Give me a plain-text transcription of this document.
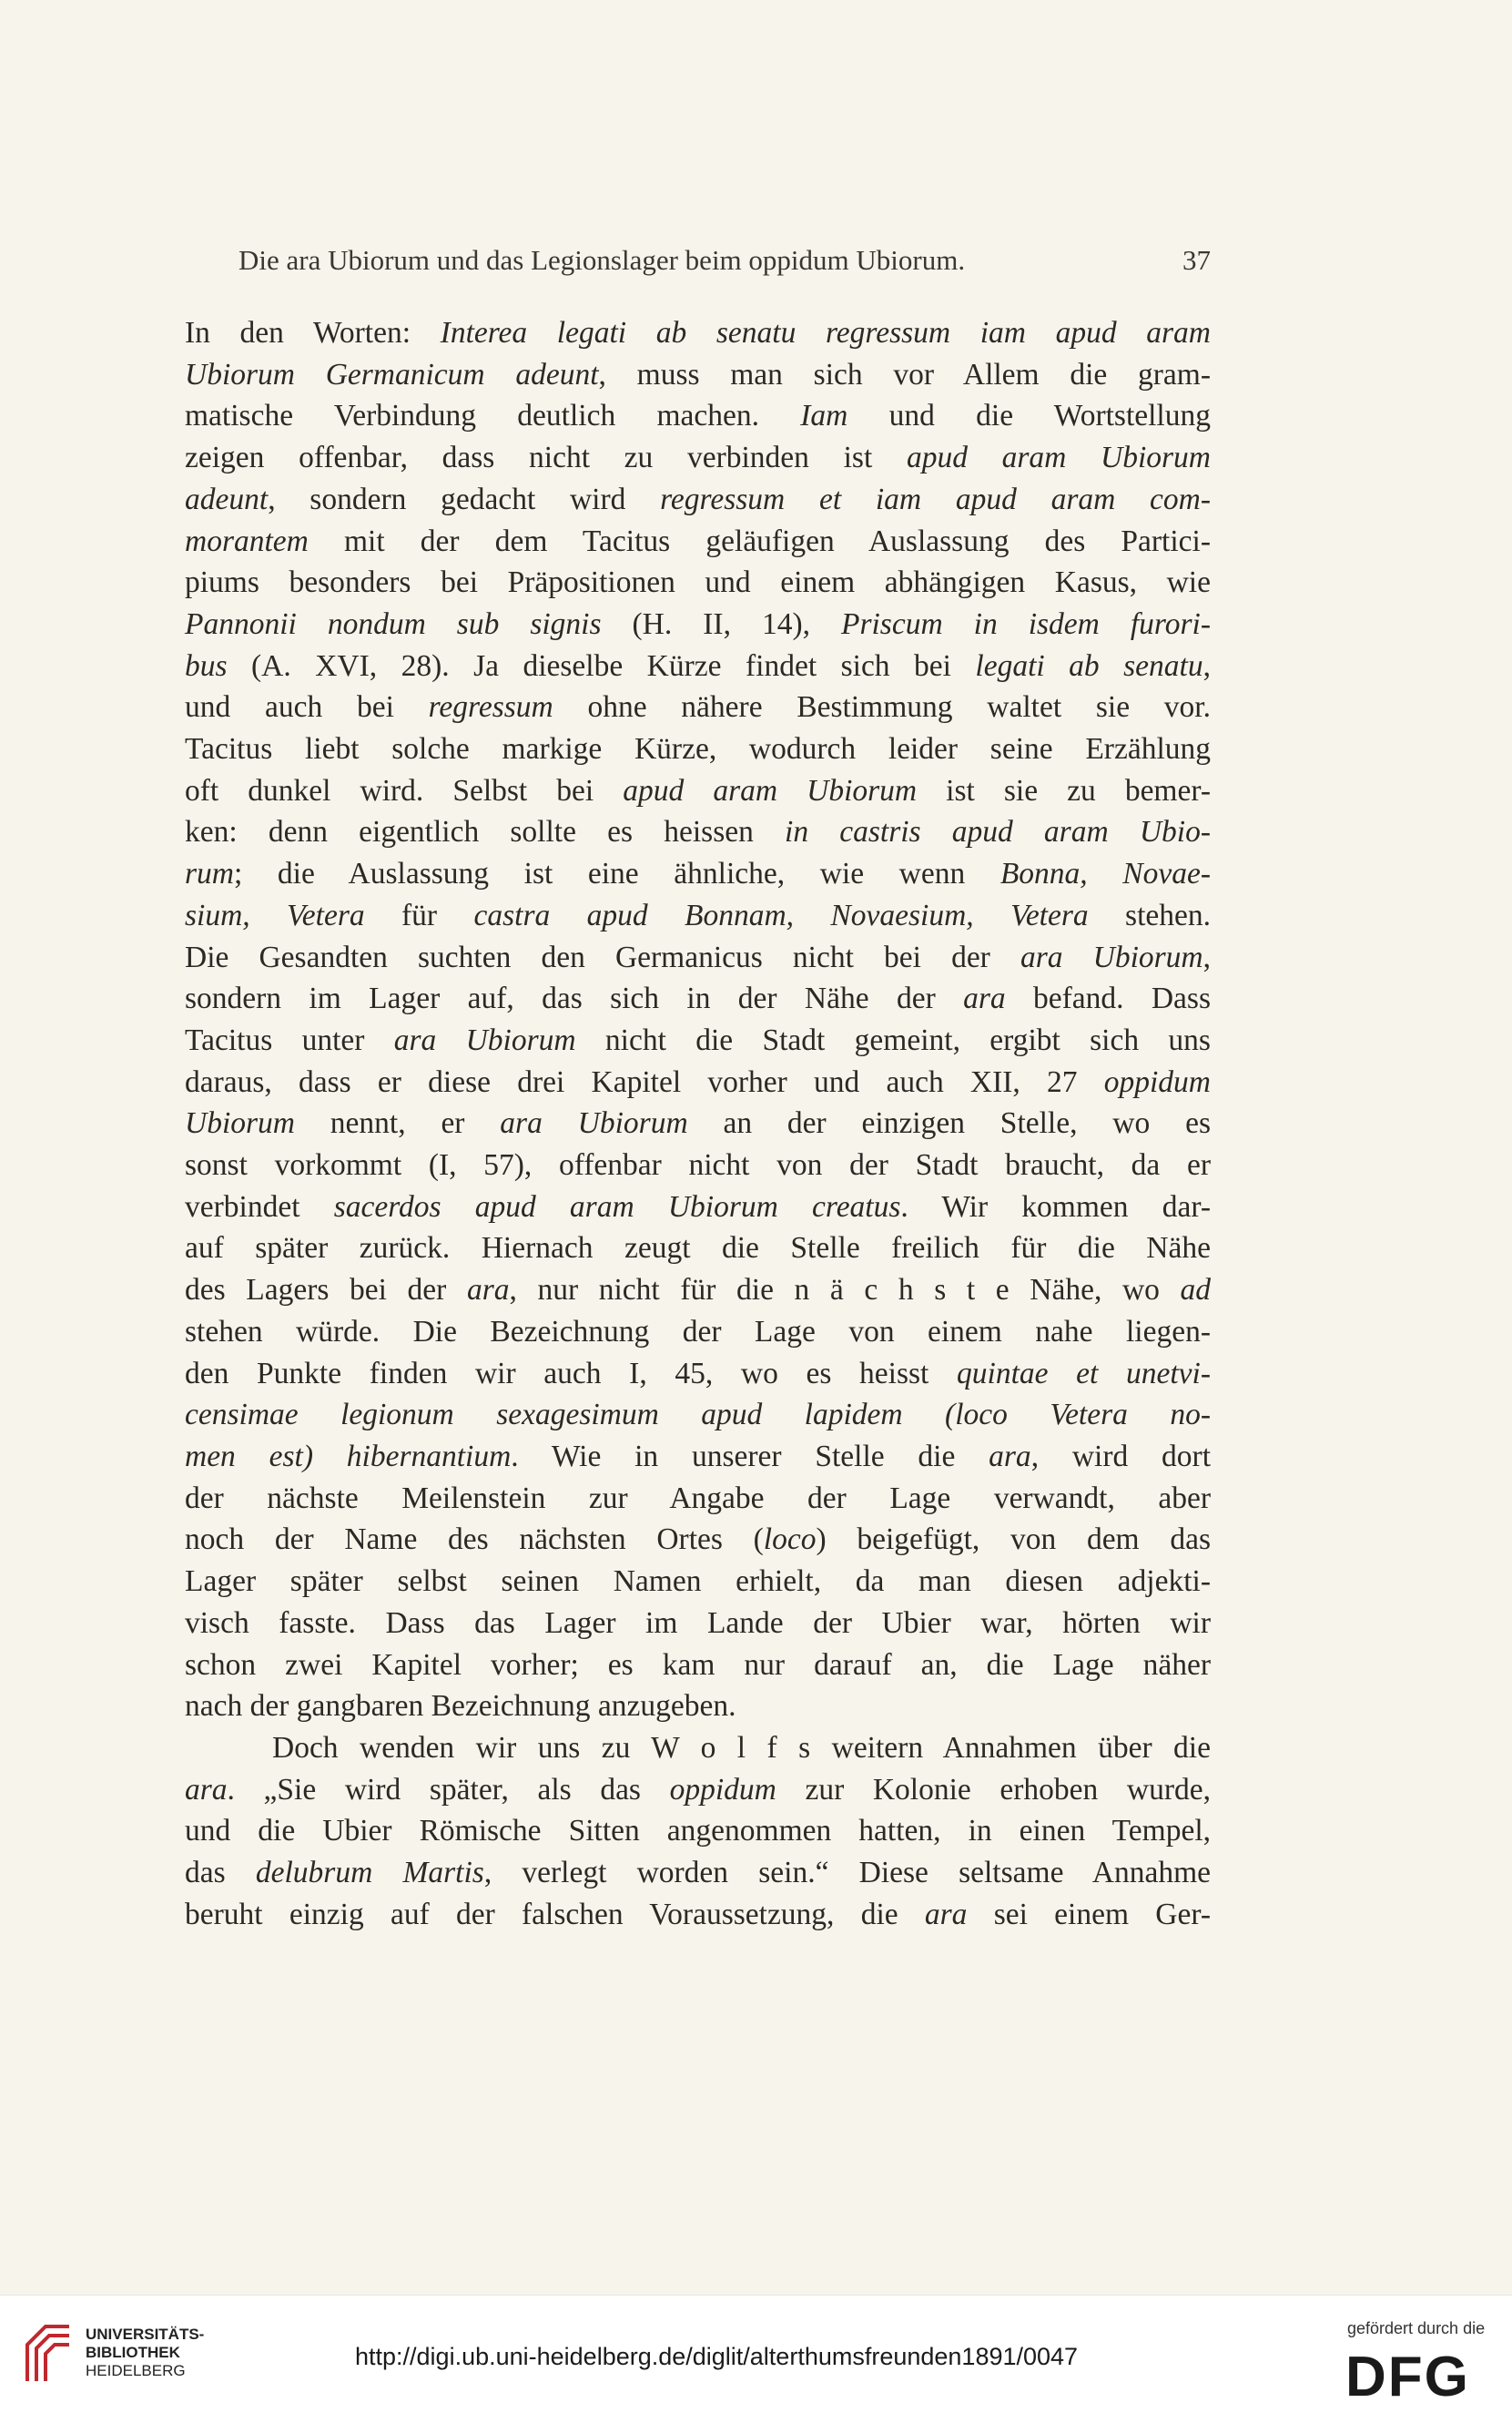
Die ara Ubiorum und das Legionslager beim oppidum Ubiorum.	37
In den Worten: Interea legati ab senatu regressum iam apud aram
Ubiorum Germanicum adeunt, muss man sich vor Allem die gram-
matische Verbindung deutlich machen. Iam und die Wortstellung
zeigen offenbar, dass nicht zu verbinden ist apud aram Ubiorum
adeunt, sondern gedacht wird regressum et iam apud aram com-
morantem mit der dem Tacitus geläufigen Auslassung des Partici-
piums besonders bei Präpositionen und einem abhängigen Kasus, wie
Pannonii nondum sub signis (H. II, 14), Priscum in isdem furori-
bus (A. XVI, 28). Ja dieselbe Kürze findet sich bei legati ab senatu,
und auch bei regressum ohne nähere Bestimmung waltet sie vor.
Tacitus liebt solche markige Kürze, wodurch leider seine Erzählung
oft dunkel wird. Selbst bei apud aram Ubiorum ist sie zu bemer-
ken: denn eigentlich sollte es heissen in castris apud aram Ubio-
rum; die Auslassung ist eine ähnliche, wie wenn Bonna, Novae-
sium, Vetera für castra apud Bonnam, Novaesium, Vetera stehen.
Die Gesandten suchten den Germanicus nicht bei der ara Ubiorum,
sondern im Lager auf, das sich in der Nähe der ara befand. Dass
Tacitus unter ara Ubiorum nicht die Stadt gemeint, ergibt sich uns
daraus, dass er diese drei Kapitel vorher und auch XII, 27 oppidum
Ubiorum nennt, er ara Ubiorum an der einzigen Stelle, wo es
sonst vorkommt (I, 57), offenbar nicht von der Stadt braucht, da er
verbindet sacerdos apud aram Ubiorum creatus. Wir kommen dar-
auf später zurück. Hiernach zeugt die Stelle freilich für die Nähe
des Lagers bei der ara, nur nicht für die n ä c h s t e Nähe, wo ad
stehen würde. Die Bezeichnung der Lage von einem nahe liegen-
den Punkte finden wir auch I, 45, wo es heisst quintae et unetvi-
censimae legionum sexagesimum apud lapidem (loco Vetera no-
men est) hibernantium. Wie in unserer Stelle die ara, wird dort
der nächste Meilenstein zur Angabe der Lage verwandt, aber
noch der Name des nächsten Ortes (loco) beigefügt, von dem das
Lager später selbst seinen Namen erhielt, da man diesen adjekti-
visch fasste. Dass das Lager im Lande der Ubier war, hörten wir
schon zwei Kapitel vorher; es kam nur darauf an, die Lage näher
nach der gangbaren Bezeichnung anzugeben.
Doch wenden wir uns zu W o l f s weitern Annahmen über die
ara. „Sie wird später, als das oppidum zur Kolonie erhoben wurde,
und die Ubier Römische Sitten angenommen hatten, in einen Tempel,
das delubrum Martis, verlegt worden sein.“ Diese seltsame Annahme
beruht einzig auf der falschen Voraussetzung, die ara sei einem Ger-
UNIVERSITÄTS-
BIBLIOTHEK
HEIDELBERG
http://digi.ub.uni-heidelberg.de/diglit/alterthumsfreunden1891/0047
gefördert durch die
DFG
